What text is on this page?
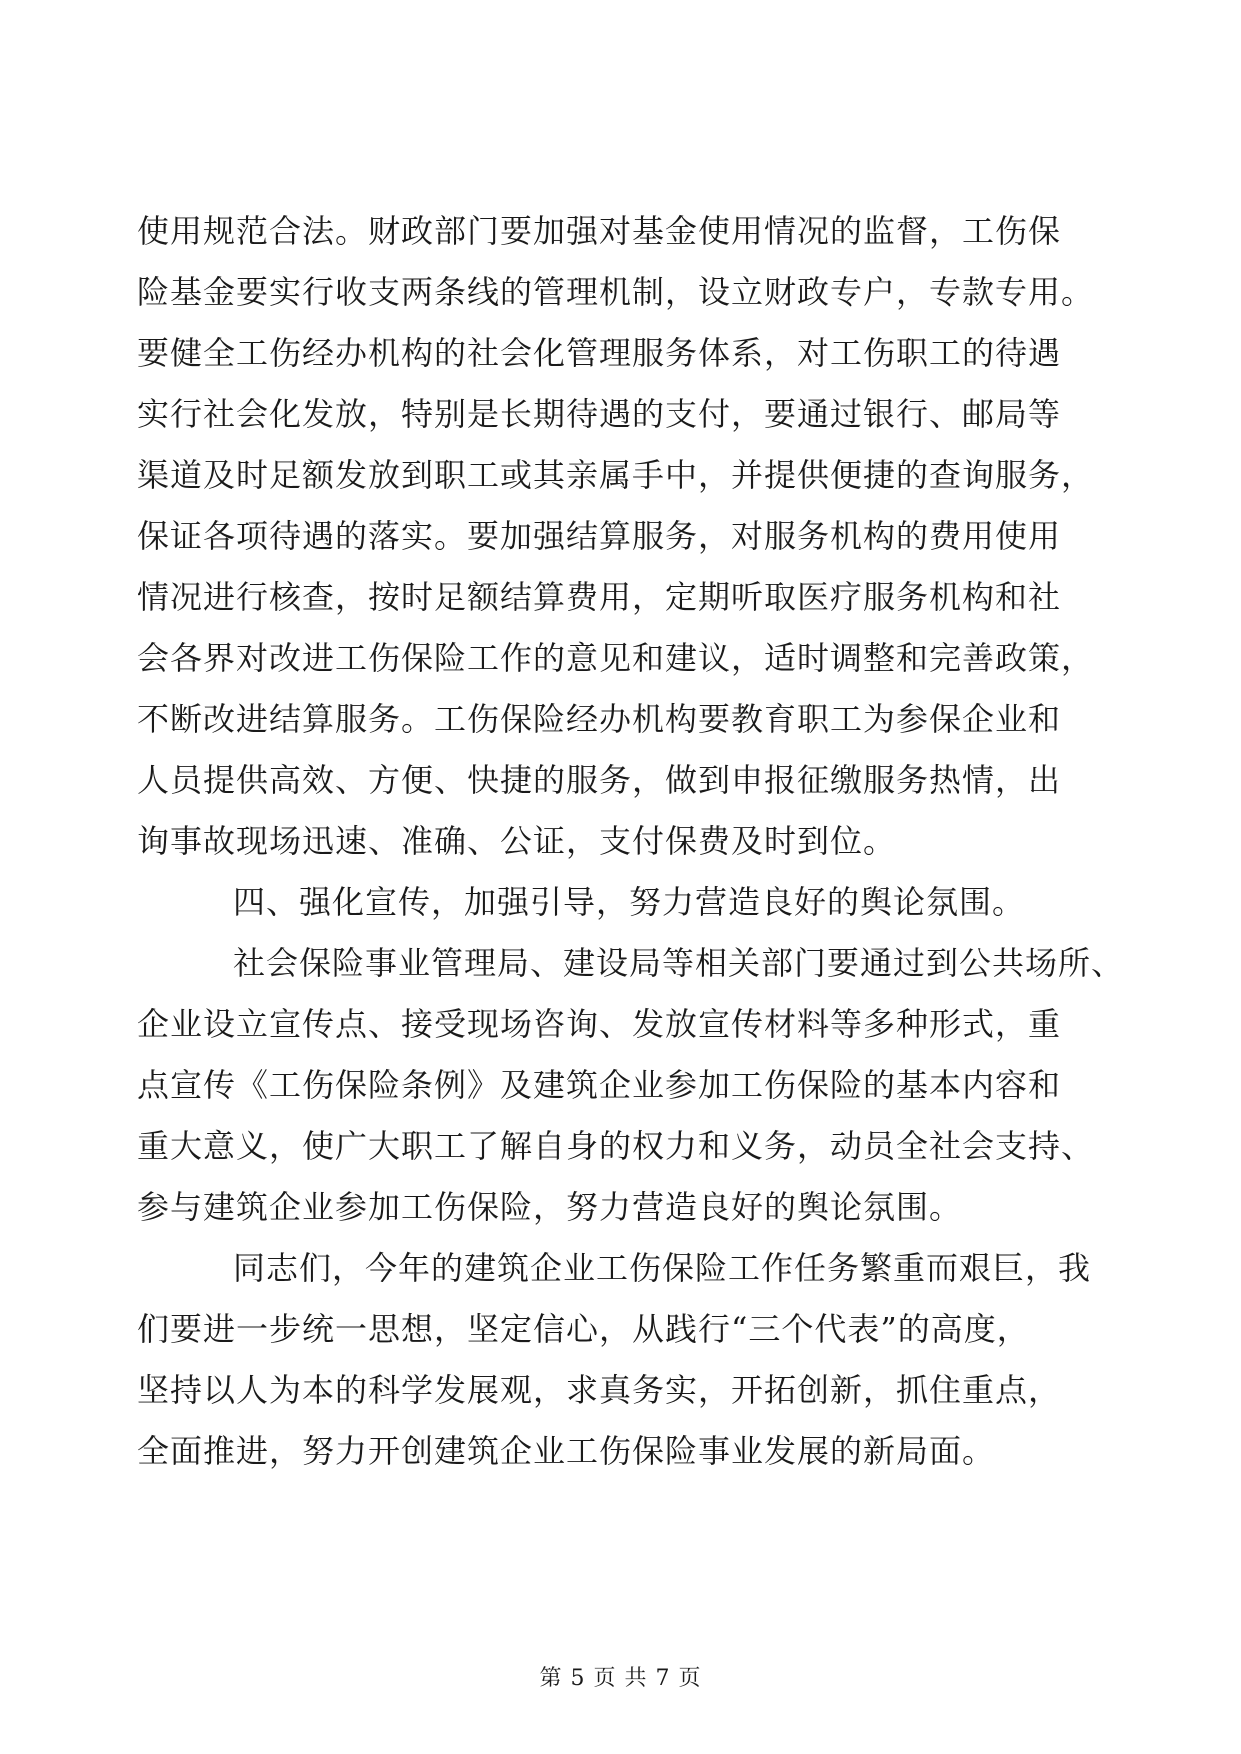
使用规范合法。财政部门要加强对基金使用情况的监督，工伤保
险基金要实行收支两条线的管理机制，设立财政专户，专款专用。
要健全工伤经办机构的社会化管理服务体系，对工伤职工的待遇
实行社会化发放，特别是长期待遇的支付，要通过银行、邮局等
渠道及时足额发放到职工或其亲属手中，并提供便捷的查询服务，
保证各项待遇的落实。要加强结算服务，对服务机构的费用使用
情况进行核查，按时足额结算费用，定期听取医疗服务机构和社
会各界对改进工伤保险工作的意见和建议，适时调整和完善政策，
不断改进结算服务。工伤保险经办机构要教育职工为参保企业和
人员提供高效、方便、快捷的服务，做到申报征缴服务热情，出
询事故现场迅速、准确、公证，支付保费及时到位。
四、强化宣传，加强引导，努力营造良好的舆论氛围。
社会保险事业管理局、建设局等相关部门要通过到公共场所、
企业设立宣传点、接受现场咨询、发放宣传材料等多种形式，重
点宣传《工伤保险条例》及建筑企业参加工伤保险的基本内容和
重大意义，使广大职工了解自身的权力和义务，动员全社会支持、
参与建筑企业参加工伤保险，努力营造良好的舆论氛围。
同志们，今年的建筑企业工伤保险工作任务繁重而艰巨，我
们要进一步统一思想，坚定信心，从践行“三个代表”的高度，
坚持以人为本的科学发展观，求真务实，开拓创新，抓住重点，
全面推进，努力开创建筑企业工伤保险事业发展的新局面。
第 5 页 共 7 页
